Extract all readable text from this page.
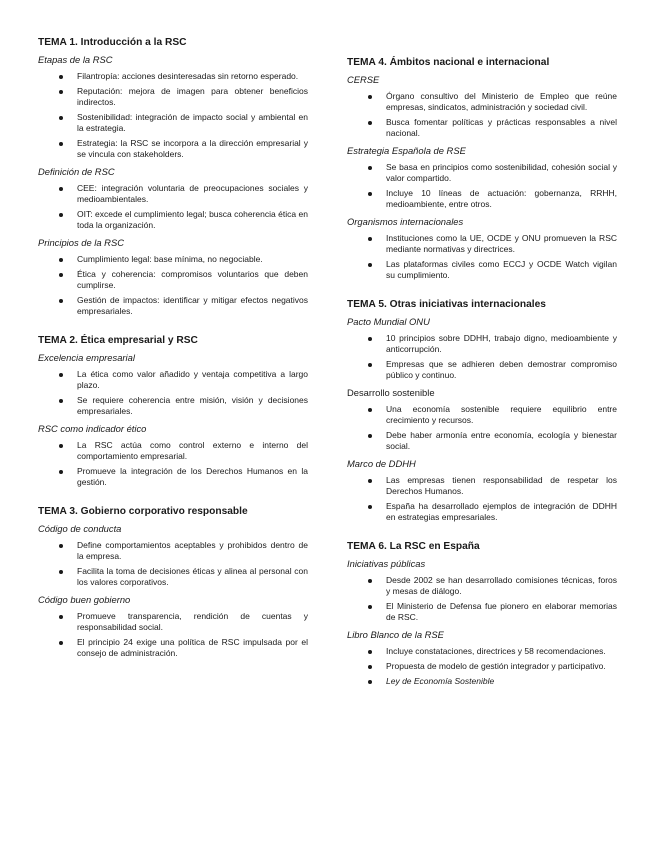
TEMA 1. Introducción a la RSC
Etapas de la RSC
Filantropía: acciones desinteresadas sin retorno esperado.
Reputación: mejora de imagen para obtener beneficios indirectos.
Sostenibilidad: integración de impacto social y ambiental en la estrategia.
Estrategia: la RSC se incorpora a la dirección empresarial y se vincula con stakeholders.
Definición de RSC
CEE: integración voluntaria de preocupaciones sociales y medioambientales.
OIT: excede el cumplimiento legal; busca coherencia ética en toda la organización.
Principios de la RSC
Cumplimiento legal: base mínima, no negociable.
Ética y coherencia: compromisos voluntarios que deben cumplirse.
Gestión de impactos: identificar y mitigar efectos negativos empresariales.
TEMA 2. Ética empresarial y RSC
Excelencia empresarial
La ética como valor añadido y ventaja competitiva a largo plazo.
Se requiere coherencia entre misión, visión y decisiones empresariales.
RSC como indicador ético
La RSC actúa como control externo e interno del comportamiento empresarial.
Promueve la integración de los Derechos Humanos en la gestión.
TEMA 3. Gobierno corporativo responsable
Código de conducta
Define comportamientos aceptables y prohibidos dentro de la empresa.
Facilita la toma de decisiones éticas y alinea al personal con los valores corporativos.
Código buen gobierno
Promueve transparencia, rendición de cuentas y responsabilidad social.
El principio 24 exige una política de RSC impulsada por el consejo de administración.
TEMA 4. Ámbitos nacional e internacional
CERSE
Órgano consultivo del Ministerio de Empleo que reúne empresas, sindicatos, administración y sociedad civil.
Busca fomentar políticas y prácticas responsables a nivel nacional.
Estrategia Española de RSE
Se basa en principios como sostenibilidad, cohesión social y valor compartido.
Incluye 10 líneas de actuación: gobernanza, RRHH, medioambiente, entre otros.
Organismos internacionales
Instituciones como la UE, OCDE y ONU promueven la RSC mediante normativas y directrices.
Las plataformas civiles como ECCJ y OCDE Watch vigilan su cumplimiento.
TEMA 5. Otras iniciativas internacionales
Pacto Mundial ONU
10 principios sobre DDHH, trabajo digno, medioambiente y anticorrupción.
Empresas que se adhieren deben demostrar compromiso público y continuo.
Desarrollo sostenible
Una economía sostenible requiere equilibrio entre crecimiento y recursos.
Debe haber armonía entre economía, ecología y bienestar social.
Marco de DDHH
Las empresas tienen responsabilidad de respetar los Derechos Humanos.
España ha desarrollado ejemplos de integración de DDHH en estrategias empresariales.
TEMA 6. La RSC en España
Iniciativas públicas
Desde 2002 se han desarrollado comisiones técnicas, foros y mesas de diálogo.
El Ministerio de Defensa fue pionero en elaborar memorias de RSC.
Libro Blanco de la RSE
Incluye constataciones, directrices y 58 recomendaciones.
Propuesta de modelo de gestión integrador y participativo.
Ley de Economía Sostenible
